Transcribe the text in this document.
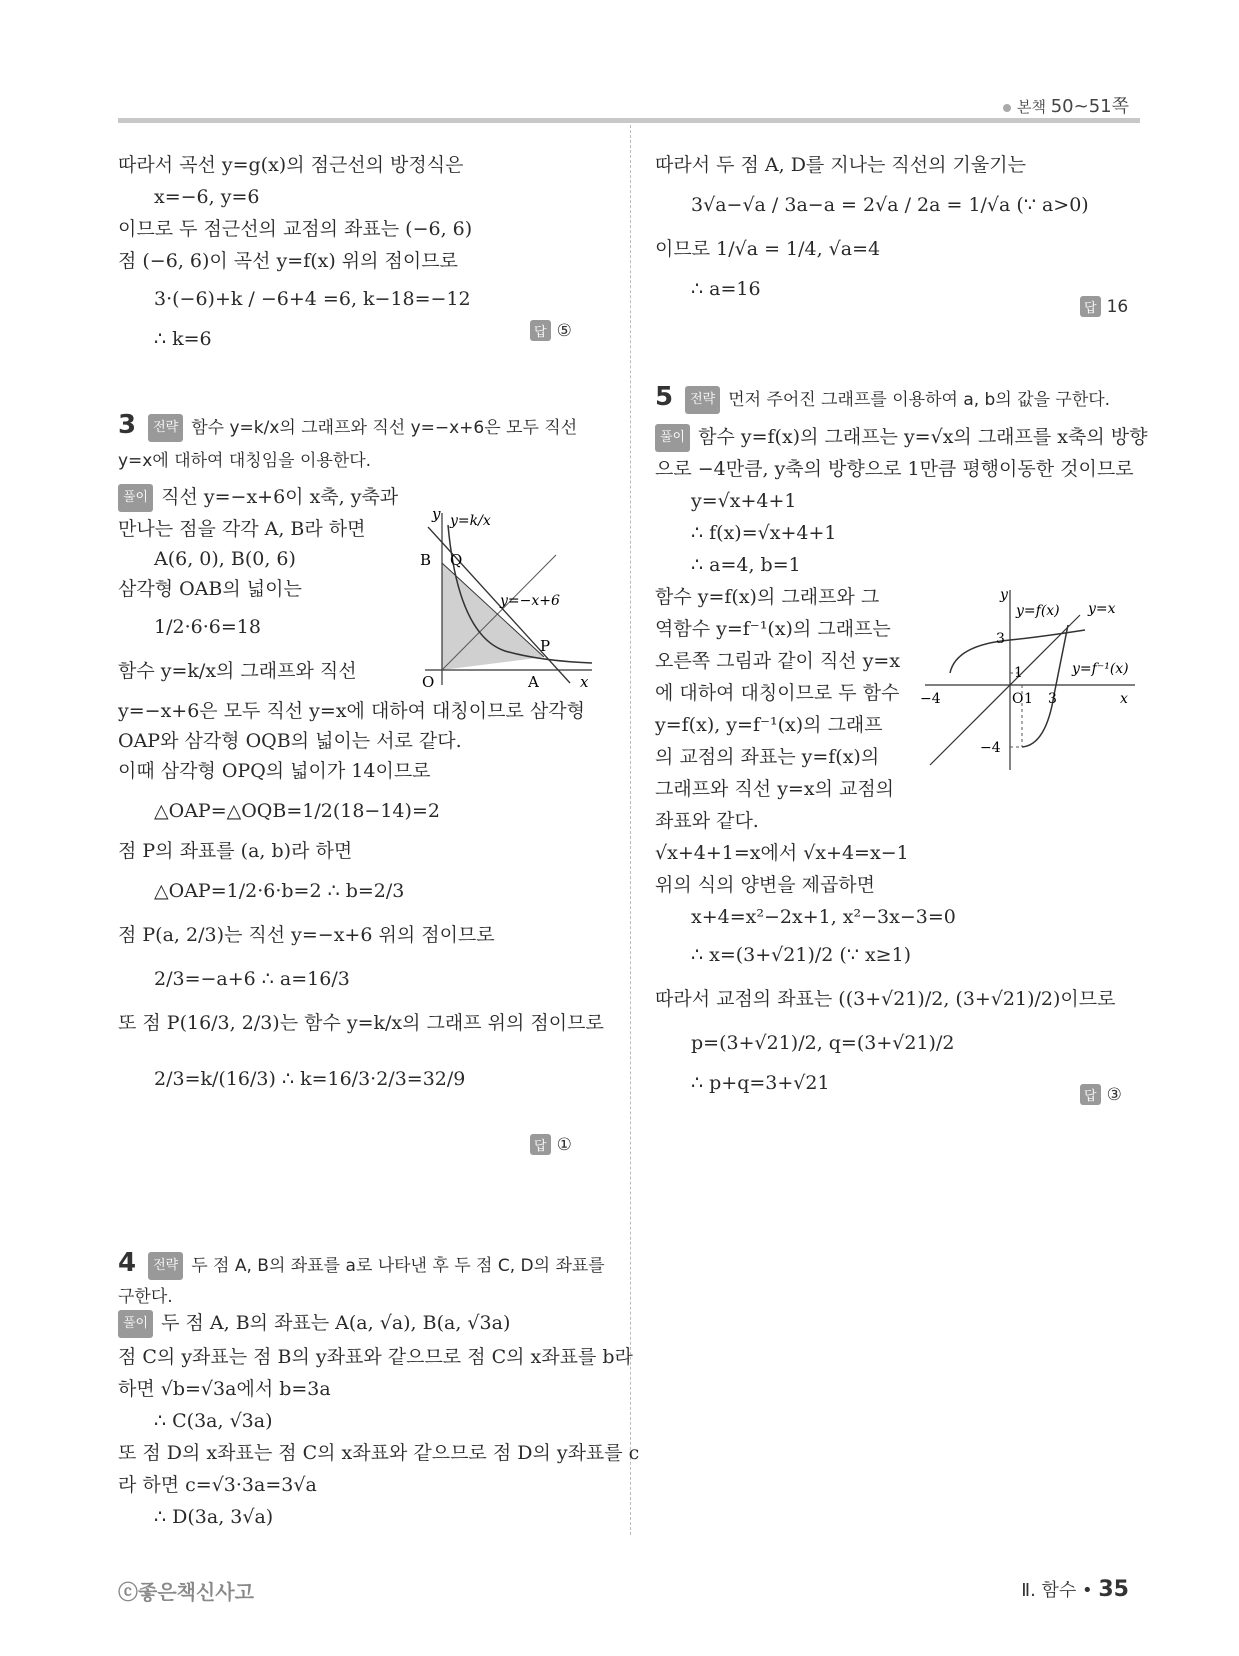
본책 50~51쪽
따라서 곡선 y=g(x)의 점근선의 방정식은
x=−6, y=6
이므로 두 점근선의 교점의 좌표는 (−6, 6)
점 (−6, 6)이 곡선 y=f(x) 위의 점이므로
3·(−6)+k / −6+4 =6, k−18=−12
∴ k=6	답 ⑤
3 전략 함수 y=k/x의 그래프와 직선 y=−x+6은 모두 직선
y=x에 대하여 대칭임을 이용한다.
풀이 직선 y=−x+6이 x축, y축과
만나는 점을 각각 A, B라 하면
A(6, 0), B(0, 6)
삼각형 OAB의 넓이는
1/2·6·6=18
함수 y=k/x의 그래프와 직선
y=−x+6은 모두 직선 y=x에 대하여 대칭이므로 삼각형
OAP와 삼각형 OQB의 넓이는 서로 같다.
이때 삼각형 OPQ의 넓이가 14이므로
△OAP=△OQB=1/2(18−14)=2
점 P의 좌표를 (a, b)라 하면
△OAP=1/2·6·b=2 ∴ b=2/3
점 P(a, 2/3)는 직선 y=−x+6 위의 점이므로
2/3=−a+6 ∴ a=16/3
또 점 P(16/3, 2/3)는 함수 y=k/x의 그래프 위의 점이므로
2/3=k/(16/3) ∴ k=16/3·2/3=32/9
답 ①
y y=k/x
B Q
y=−x+6
P
O	A	x
4 전략 두 점 A, B의 좌표를 a로 나타낸 후 두 점 C, D의 좌표를
구한다.
풀이 두 점 A, B의 좌표는 A(a, √a), B(a, √3a)
점 C의 y좌표는 점 B의 y좌표와 같으므로 점 C의 x좌표를 b라
하면 √b=√3a에서 b=3a
∴ C(3a, √3a)
또 점 D의 x좌표는 점 C의 x좌표와 같으므로 점 D의 y좌표를 c
라 하면 c=√3·3a=3√a
∴ D(3a, 3√a)
따라서 두 점 A, D를 지나는 직선의 기울기는
3√a−√a / 3a−a = 2√a / 2a = 1/√a (∵ a>0)
이므로 1/√a = 1/4, √a=4
∴ a=16
답 16
5 전략 먼저 주어진 그래프를 이용하여 a, b의 값을 구한다.
풀이 함수 y=f(x)의 그래프는 y=√x의 그래프를 x축의 방향
으로 −4만큼, y축의 방향으로 1만큼 평행이동한 것이므로
y=√x+4+1
∴ f(x)=√x+4+1
∴ a=4, b=1
함수 y=f(x)의 그래프와 그
역함수 y=f⁻¹(x)의 그래프는
오른쪽 그림과 같이 직선 y=x
에 대하여 대칭이므로 두 함수
y=f(x), y=f⁻¹(x)의 그래프
의 교점의 좌표는 y=f(x)의
그래프와 직선 y=x의 교점의
좌표와 같다.
√x+4+1=x에서 √x+4=x−1
위의 식의 양변을 제곱하면
x+4=x²−2x+1, x²−3x−3=0
∴ x=(3+√21)/2 (∵ x≥1)
따라서 교점의 좌표는 ((3+√21)/2, (3+√21)/2)이므로
p=(3+√21)/2, q=(3+√21)/2
∴ p+q=3+√21
답 ③
y
y=f(x) y=x
y=f⁻¹(x)
3
1
−4	O 1 3	x
−4
ⓒ좋은책신사고	Ⅱ. 함수 • 35
